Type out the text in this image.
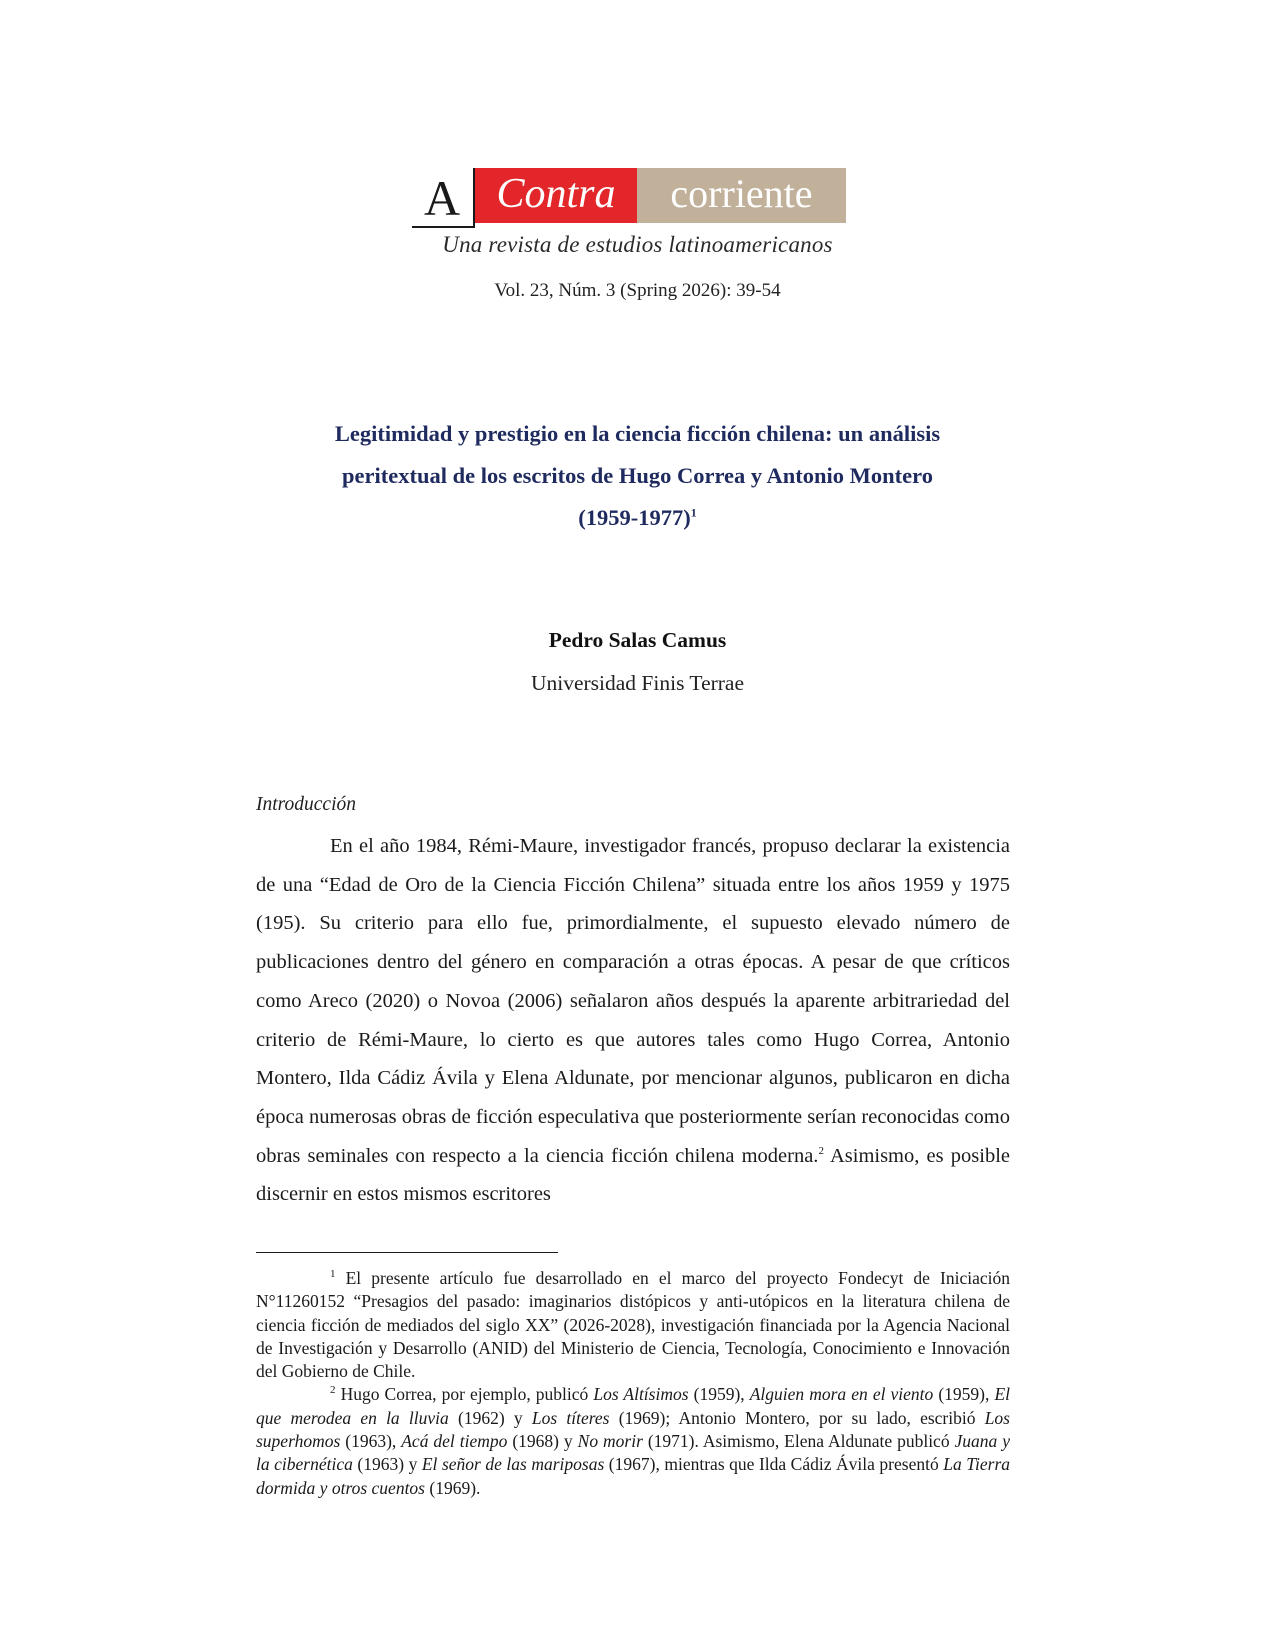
A Contra	corriente
Una revista de estudios latinoamericanos
Vol. 23, Núm. 3 (Spring 2026): 39-54
Legitimidad y prestigio en la ciencia ficción chilena: un análisis
peritextual de los escritos de Hugo Correa y Antonio Montero
(1959-1977)$^1$
Pedro Salas Camus
Universidad Finis Terrae
Introducción

En el año 1984, Rémi-Maure, investigador francés, propuso declarar la existencia de una “Edad de Oro de la Ciencia Ficción Chilena” situada entre los años 1959 y 1975 (195). Su criterio para ello fue, primordialmente, el supuesto elevado número de publicaciones dentro del género en comparación a otras épocas. A pesar de que críticos como Areco (2020) o Novoa (2006) señalaron años después la aparente arbitrariedad del criterio de Rémi-Maure, lo cierto es que autores tales como Hugo Correa, Antonio Montero, Ilda Cádiz Ávila y Elena Aldunate, por mencionar algunos, publicaron en dicha época numerosas obras de ficción especulativa que posteriormente serían reconocidas como obras seminales con respecto a la ciencia ficción chilena moderna.$^2$ Asimismo, es posible discernir en estos mismos escritores

$^1$ El presente artículo fue desarrollado en el marco del proyecto Fondecyt de Iniciación N°11260152 “Presagios del pasado: imaginarios distópicos y anti-utópicos en la literatura chilena de ciencia ficción de mediados del siglo XX” (2026-2028), investigación financiada por la Agencia Nacional de Investigación y Desarrollo (ANID) del Ministerio de Ciencia, Tecnología, Conocimiento e Innovación del Gobierno de Chile.

$^2$ Hugo Correa, por ejemplo, publicó Los Altísimos (1959), Alguien mora en el viento (1959), El que merodea en la lluvia (1962) y Los títeres (1969); Antonio Montero, por su lado, escribió Los superhomos (1963), Acá del tiempo (1968) y No morir (1971). Asimismo, Elena Aldunate publicó Juana y la cibernética (1963) y El señor de las mariposas (1967), mientras que Ilda Cádiz Ávila presentó La Tierra dormida y otros cuentos (1969).
